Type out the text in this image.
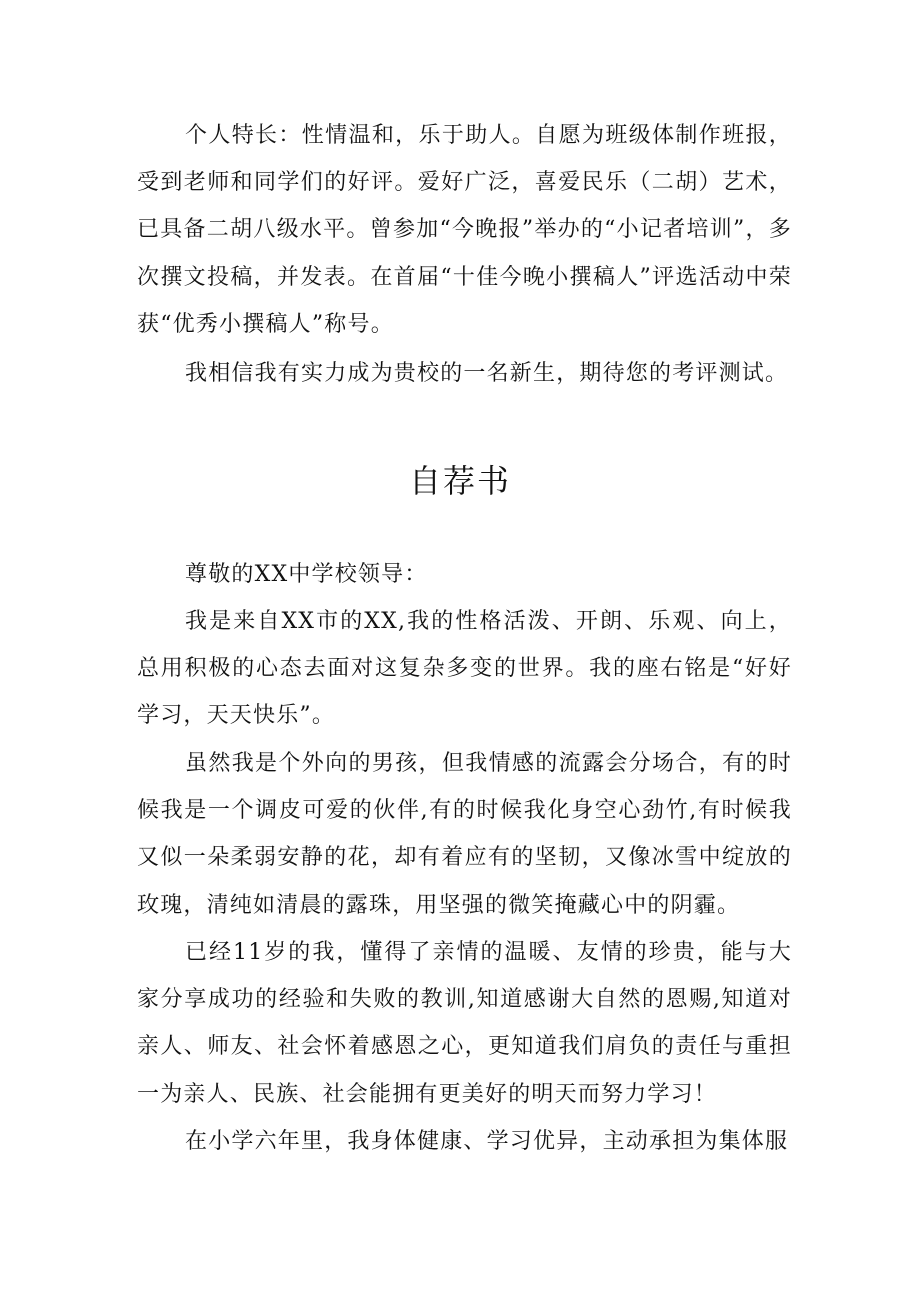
个人特长：性情温和，乐于助人。自愿为班级体制作班报，受到老师和同学们的好评。爱好广泛，喜爱民乐（二胡）艺术，已具备二胡八级水平。曾参加“今晚报”举办的“小记者培训”，多次撰文投稿，并发表。在首届“十佳今晚小撰稿人”评选活动中荣获“优秀小撰稿人”称号。

我相信我有实力成为贵校的一名新生，期待您的考评测试。

自荐书

尊敬的XX中学校领导：

我是来自XX市的XX,我的性格活泼、开朗、乐观、向上，总用积极的心态去面对这复杂多变的世界。我的座右铭是“好好学习，天天快乐”。

虽然我是个外向的男孩，但我情感的流露会分场合，有的时候我是一个调皮可爱的伙伴,有的时候我化身空心劲竹,有时候我又似一朵柔弱安静的花，却有着应有的坚韧，又像冰雪中绽放的玫瑰，清纯如清晨的露珠，用坚强的微笑掩藏心中的阴霾。

已经11岁的我，懂得了亲情的温暖、友情的珍贵，能与大家分享成功的经验和失败的教训,知道感谢大自然的恩赐,知道对亲人、师友、社会怀着感恩之心，更知道我们肩负的责任与重担一为亲人、民族、社会能拥有更美好的明天而努力学习！

在小学六年里，我身体健康、学习优异，主动承担为集体服
